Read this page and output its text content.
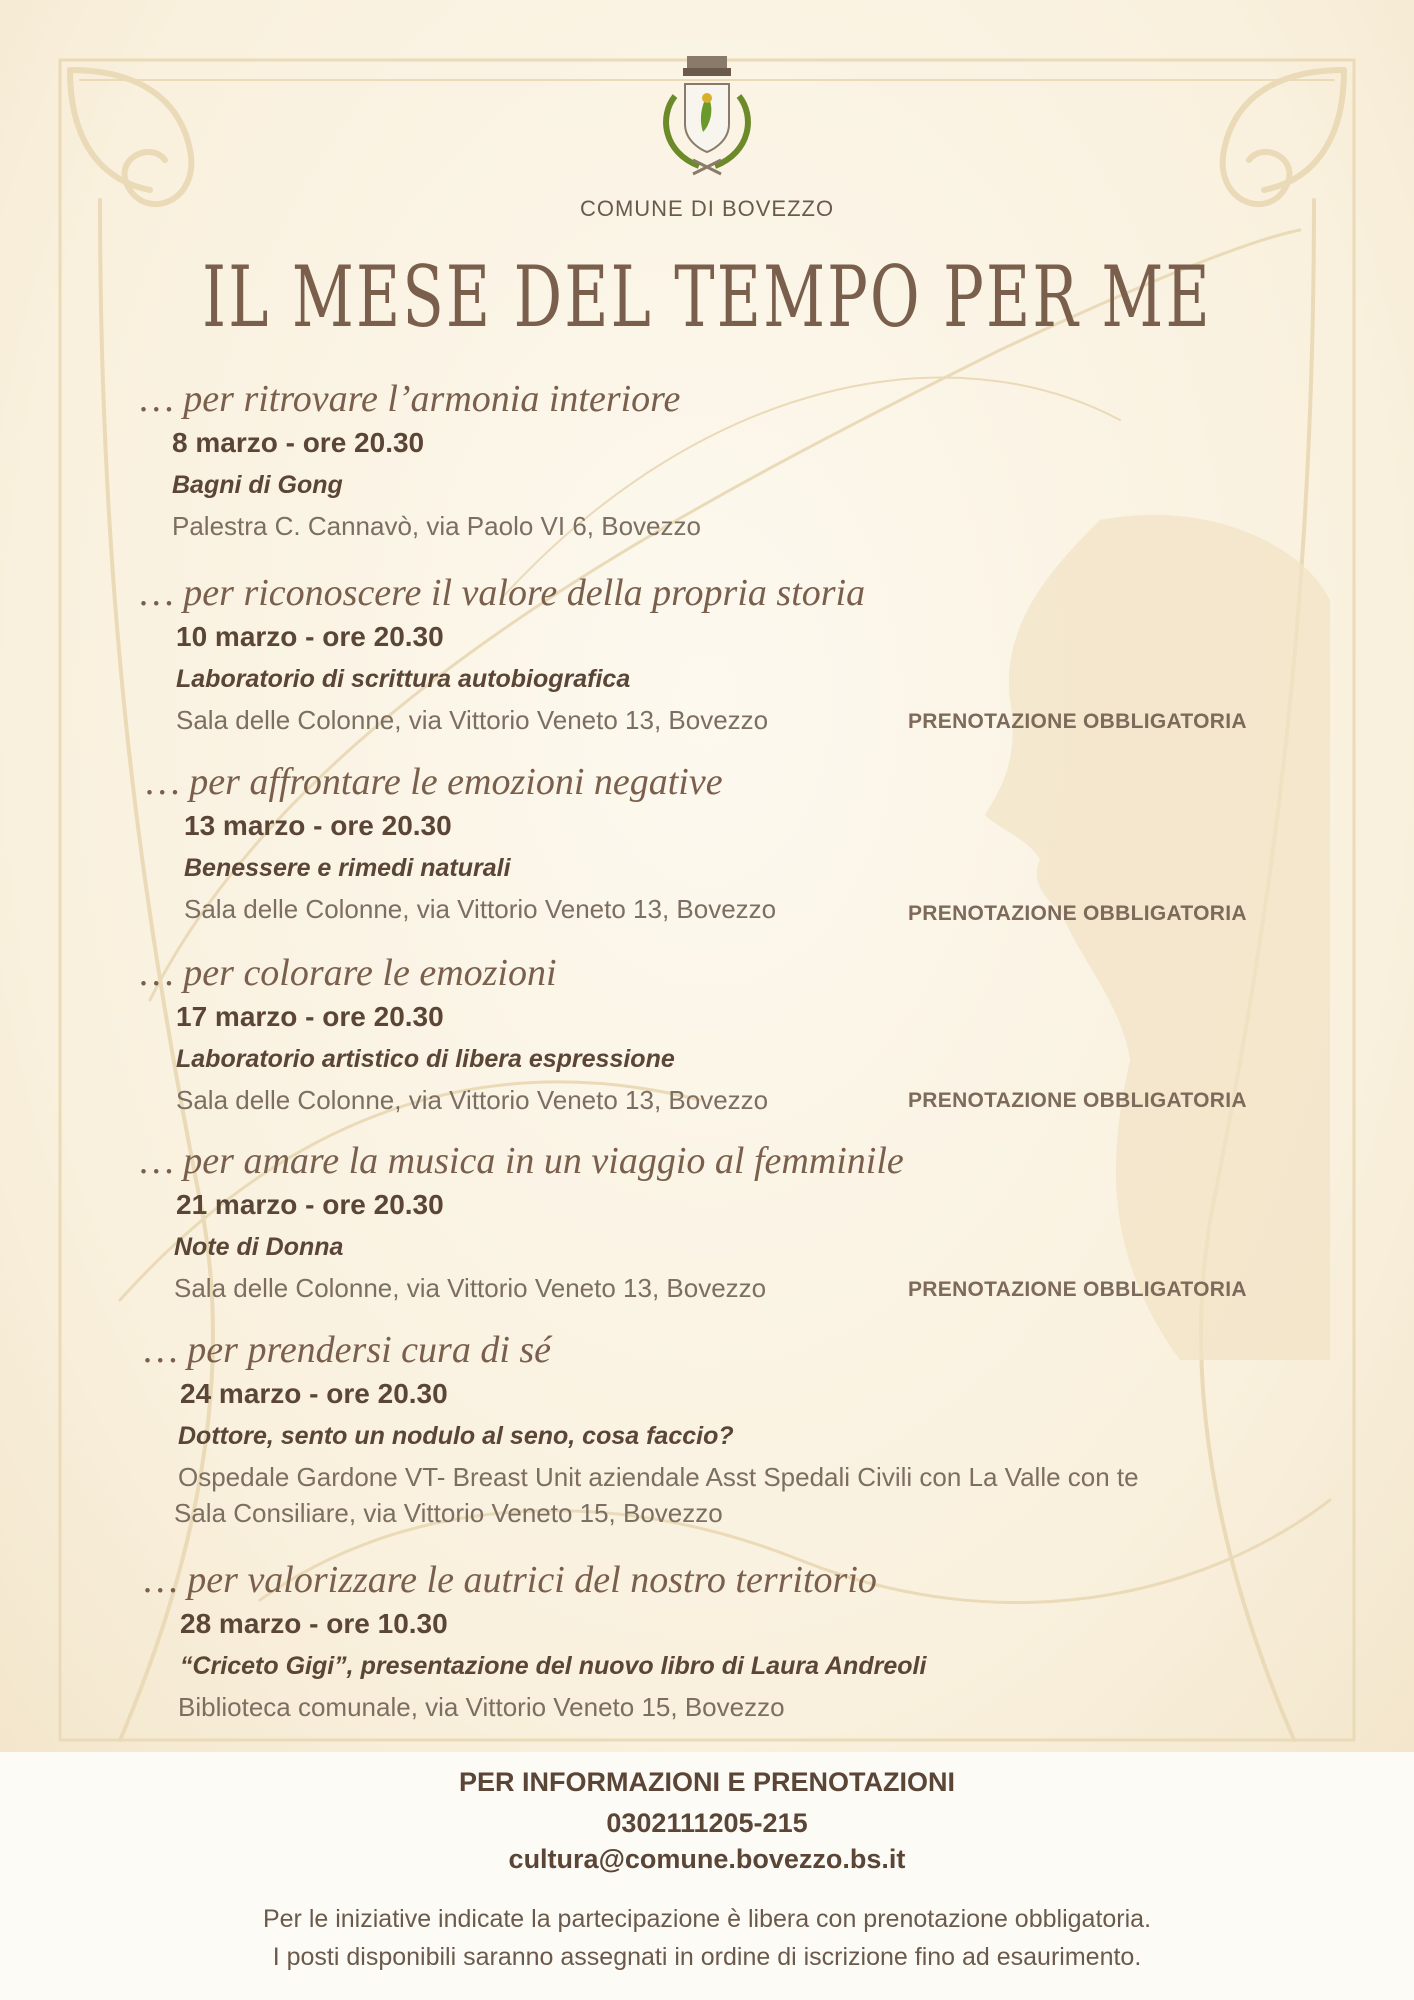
COMUNE DI BOVEZZO
IL MESE DEL TEMPO PER ME
… per ritrovare l’armonia interiore
8 marzo - ore 20.30
Bagni di Gong
Palestra C. Cannavò, via Paolo VI 6, Bovezzo
… per riconoscere il valore della propria storia
10 marzo - ore 20.30
Laboratorio di scrittura autobiografica
Sala delle Colonne, via Vittorio Veneto 13, Bovezzo	PRENOTAZIONE OBBLIGATORIA
… per affrontare le emozioni negative
13 marzo - ore 20.30
Benessere e rimedi naturali
Sala delle Colonne, via Vittorio Veneto 13, Bovezzo	PRENOTAZIONE OBBLIGATORIA
… per colorare le emozioni
17 marzo - ore 20.30
Laboratorio artistico di libera espressione
Sala delle Colonne, via Vittorio Veneto 13, Bovezzo	PRENOTAZIONE OBBLIGATORIA
… per amare la musica in un viaggio al femminile
21 marzo - ore 20.30
Note di Donna
Sala delle Colonne, via Vittorio Veneto 13, Bovezzo	PRENOTAZIONE OBBLIGATORIA
… per prendersi cura di sé
24 marzo - ore 20.30
Dottore, sento un nodulo al seno, cosa faccio?
Ospedale Gardone VT- Breast Unit aziendale Asst Spedali Civili con La Valle con te
Sala Consiliare, via Vittorio Veneto 15, Bovezzo
… per valorizzare le autrici del nostro territorio
28 marzo - ore 10.30
“Criceto Gigi”, presentazione del nuovo libro di Laura Andreoli
Biblioteca comunale, via Vittorio Veneto 15, Bovezzo
PER INFORMAZIONI E PRENOTAZIONI
0302111205-215
cultura@comune.bovezzo.bs.it
Per le iniziative indicate la partecipazione è libera con prenotazione obbligatoria.
I posti disponibili saranno assegnati in ordine di iscrizione fino ad esaurimento.
